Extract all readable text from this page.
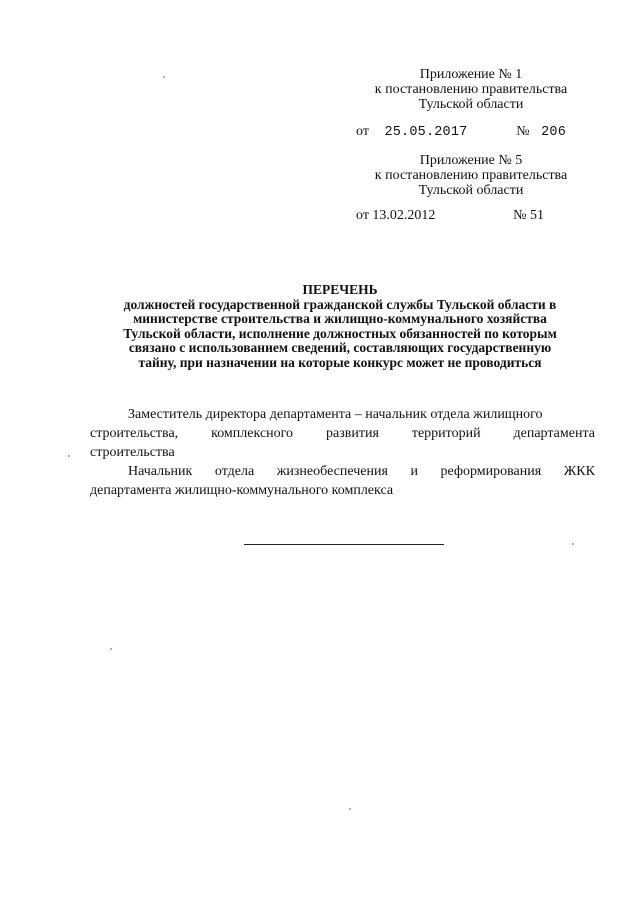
Приложение № 1
к постановлению правительства
Тульской области
от 25.05.2017	№ 206
Приложение № 5
к постановлению правительства
Тульской области
от 13.02.2012	№ 51
ПЕРЕЧЕНЬ
должностей государственной гражданской службы Тульской области в
министерстве строительства и жилищно-коммунального хозяйства
Тульской области, исполнение должностных обязанностей по которым
связано с использованием сведений, составляющих государственную
тайну, при назначении на которые конкурс может не проводиться
Заместитель директора департамента – начальник отдела жилищного
строительства, комплексного развития территорий департамента
строительства
Начальник отдела жизнеобеспечения и реформирования ЖКК
департамента жилищно-коммунального комплекса
